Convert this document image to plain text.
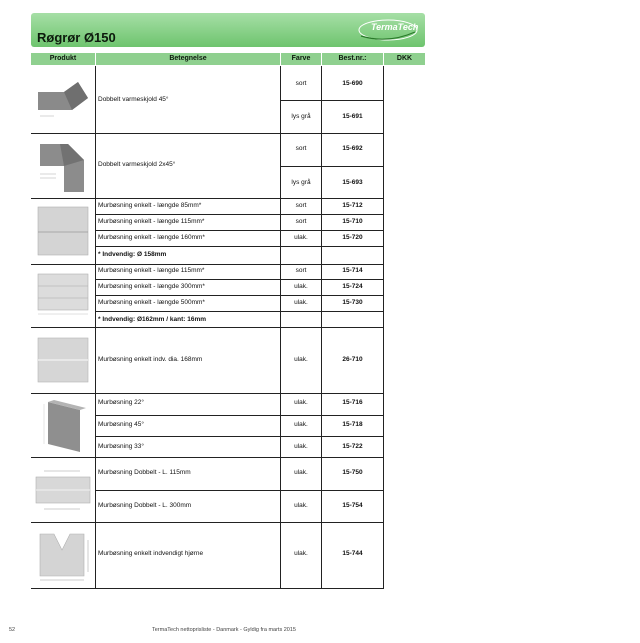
Røgrør Ø150
TermaTech
Produkt	Betegnelse	Farve	Best.nr.:	DKK
Dobbelt varmeskjold 45°
sort	15-690
lys grå	15-691
Dobbelt varmeskjold 2x45°
sort	15-692
lys grå	15-693
Murbøsning enkelt - længde 85mm*	sort	15-712
Murbøsning enkelt - længde 115mm*	sort	15-710
Murbøsning enkelt - længde 160mm*	ulak.	15-720
* Indvendig: Ø 158mm
Murbøsning enkelt - længde 115mm*	sort	15-714
Murbøsning enkelt - længde 300mm*	ulak.	15-724
Murbøsning enkelt - længde 500mm*	ulak.	15-730
* Indvendig: Ø162mm / kant: 16mm
Murbøsning enkelt indv. dia. 168mm	ulak.	26-710
Murbøsning 22°	ulak.	15-716
Murbøsning 45°	ulak.	15-718
Murbøsning 33°	ulak.	15-722
Murbøsning Dobbelt - L. 115mm	ulak.	15-750
Murbøsning Dobbelt - L. 300mm	ulak.	15-754
Murbøsning enkelt indvendigt hjørne	ulak.	15-744
52	TermaTech nettoprisliste - Danmark - Gyldig fra marts 2015
